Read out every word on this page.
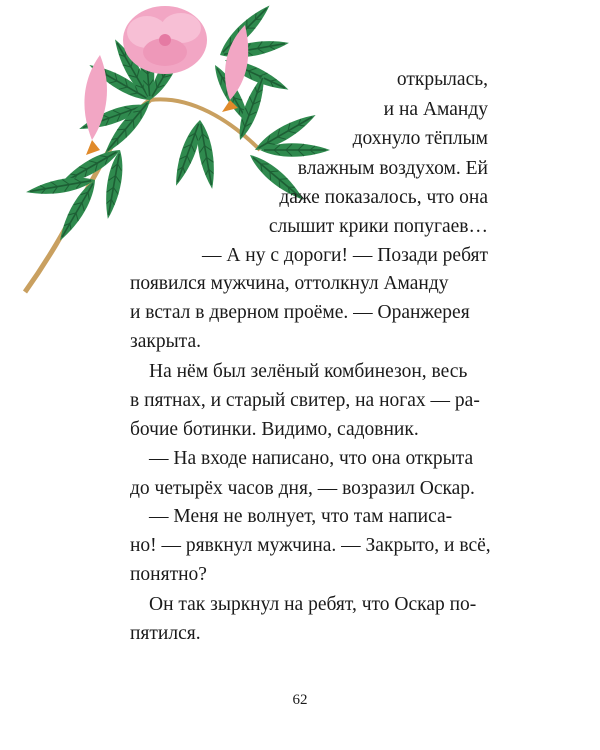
открылась,
и на Аманду
дохнуло тёплым
влажным воздухом. Ей
даже показалось, что она
слышит крики попугаев…
— А ну с дороги! — Позади ребят
появился мужчина, оттолкнул Аманду
и встал в дверном проёме. — Оранжерея
закрыта.
На нём был зелёный комбинезон, весь
в пятнах, и старый свитер, на ногах — ра-
бочие ботинки. Видимо, садовник.
— На входе написано, что она открыта
до четырёх часов дня, — возразил Оскар.
— Меня не волнует, что там написа-
но! — рявкнул мужчина. — Закрыто, и всё,
понятно?
Он так зыркнул на ребят, что Оскар по-
пятился.
62
